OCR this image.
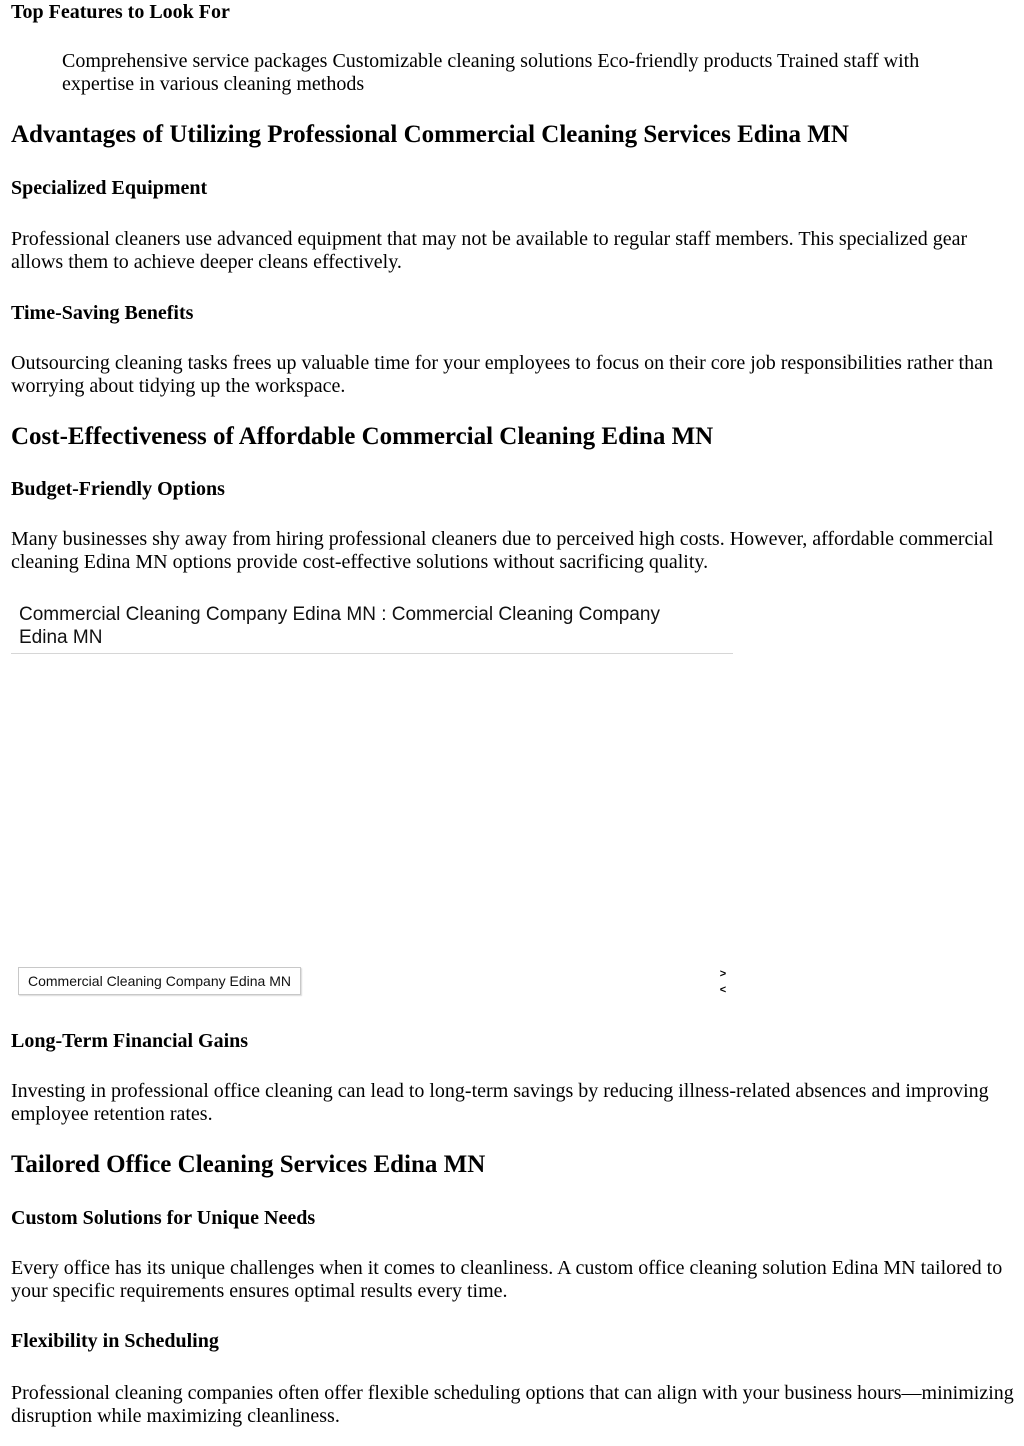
Top Features to Look For
Comprehensive service packages Customizable cleaning solutions Eco-friendly products Trained staff with expertise in various cleaning methods
Advantages of Utilizing Professional Commercial Cleaning Services Edina MN
Specialized Equipment

Professional cleaners use advanced equipment that may not be available to regular staff members. This specialized gear allows them to achieve deeper cleans effectively.

Time-Saving Benefits

Outsourcing cleaning tasks frees up valuable time for your employees to focus on their core job responsibilities rather than worrying about tidying up the workspace.

Cost-Effectiveness of Affordable Commercial Cleaning Edina MN
Budget-Friendly Options

Many businesses shy away from hiring professional cleaners due to perceived high costs. However, affordable commercial cleaning Edina MN options provide cost-effective solutions without sacrificing quality.

Commercial Cleaning Company Edina MN : Commercial Cleaning Company Edina MN
Commercial Cleaning Company Edina MN	>
<
Long-Term Financial Gains

Investing in professional office cleaning can lead to long-term savings by reducing illness-related absences and improving employee retention rates.

Tailored Office Cleaning Services Edina MN
Custom Solutions for Unique Needs

Every office has its unique challenges when it comes to cleanliness. A custom office cleaning solution Edina MN tailored to your specific requirements ensures optimal results every time.

Flexibility in Scheduling

Professional cleaning companies often offer flexible scheduling options that can align with your business hours—minimizing disruption while maximizing cleanliness.
